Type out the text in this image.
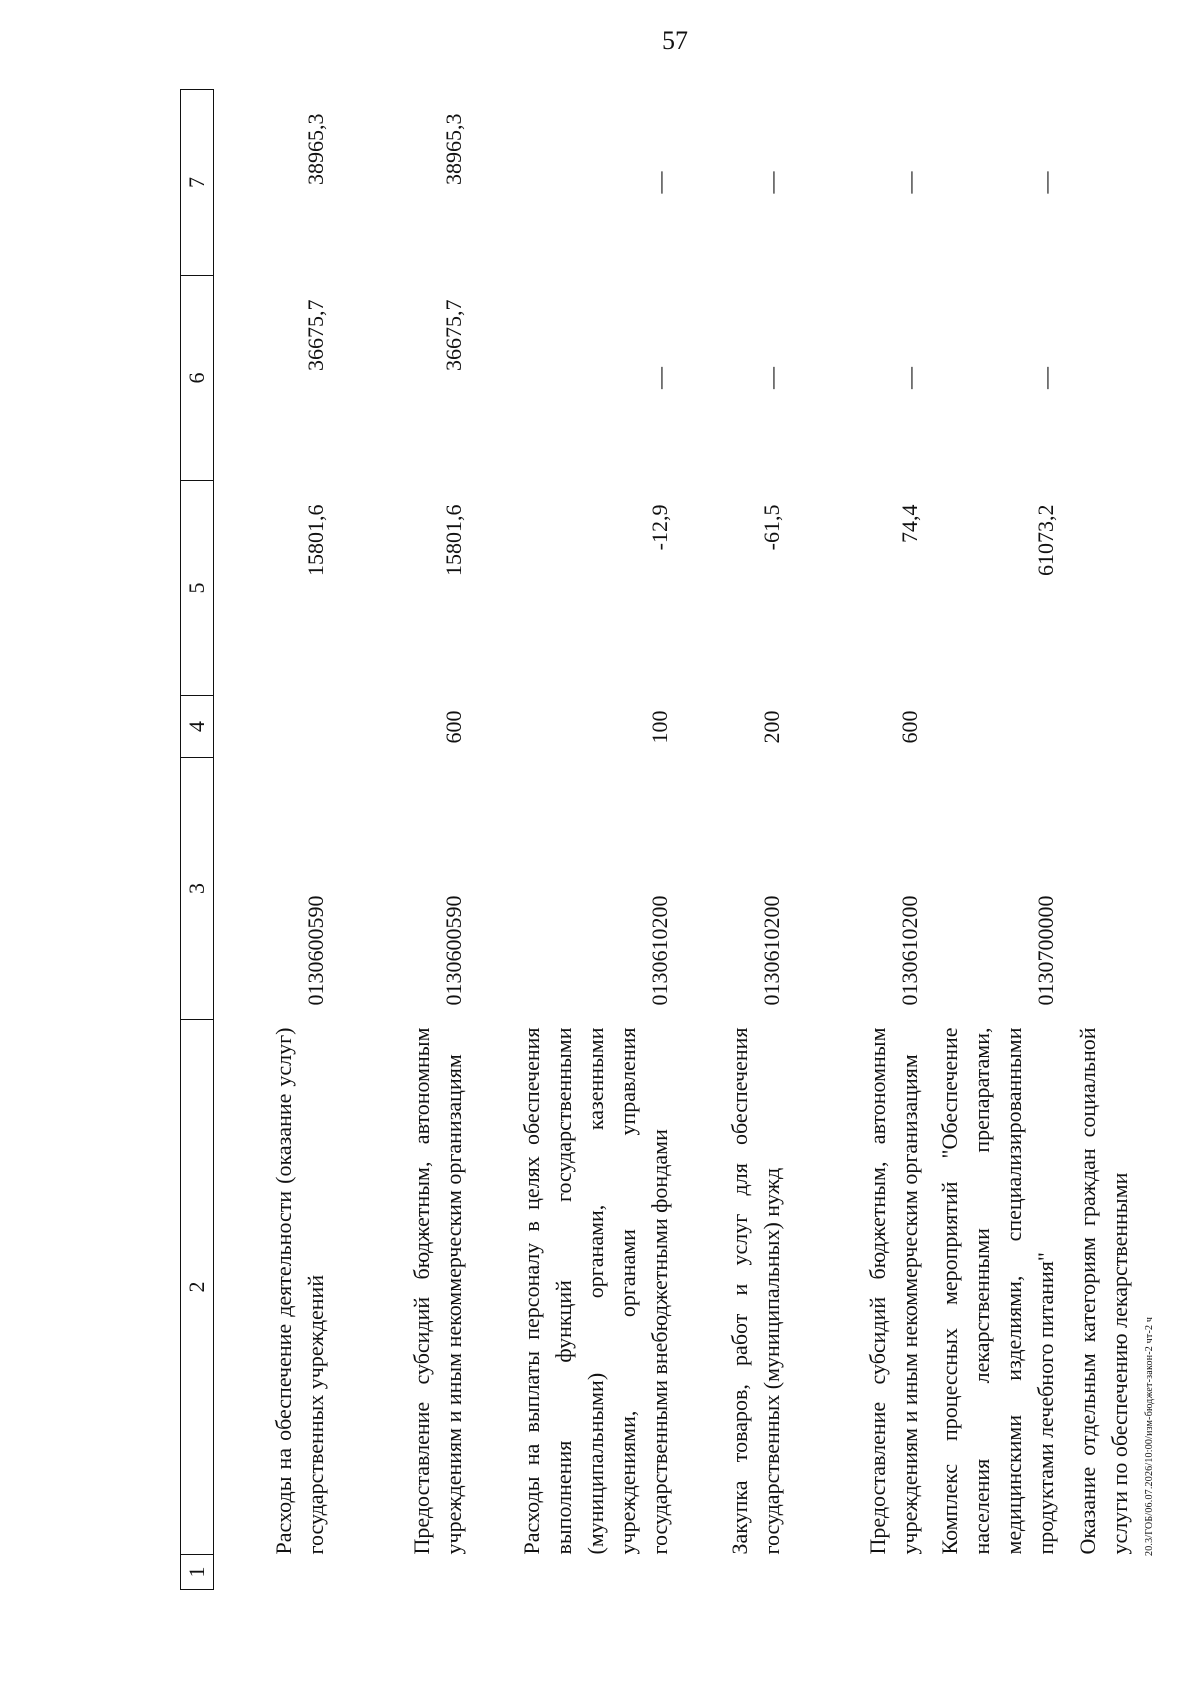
57
1	2	3	4	5	6	7
	Расходы на обеспечение деятельности (оказание услуг) государственных учреждений	0130600590		15801,6	36675,7	38965,3
	Предоставление субсидий бюджетным, автономным учреждениям и иным некоммерческим организациям	0130600590	600	15801,6	36675,7	38965,3
	Расходы на выплаты персоналу в целях обеспечения выполнения функций государственными (муниципальными) органами, казенными учреждениями, органами управления государственными внебюджетными фондами	0130610200	100	-12,9	—	—
	Закупка товаров, работ и услуг для обеспечения государственных (муниципальных) нужд	0130610200	200	-61,5	—	—
	Предоставление субсидий бюджетным, автономным учреждениям и иным некоммерческим организациям	0130610200	600	74,4	—	—
	Комплекс процессных мероприятий "Обеспечение населения лекарственными препаратами, медицинскими изделиями, специализированными продуктами лечебного питания"	0130700000		61073,2	—	—
	Оказание отдельным категориям граждан социальной услуги по обеспечению лекарственными					20.3/ГОБ/06.07.2026/10:00/изм-бюджет-закон-2 чт-2 ч
